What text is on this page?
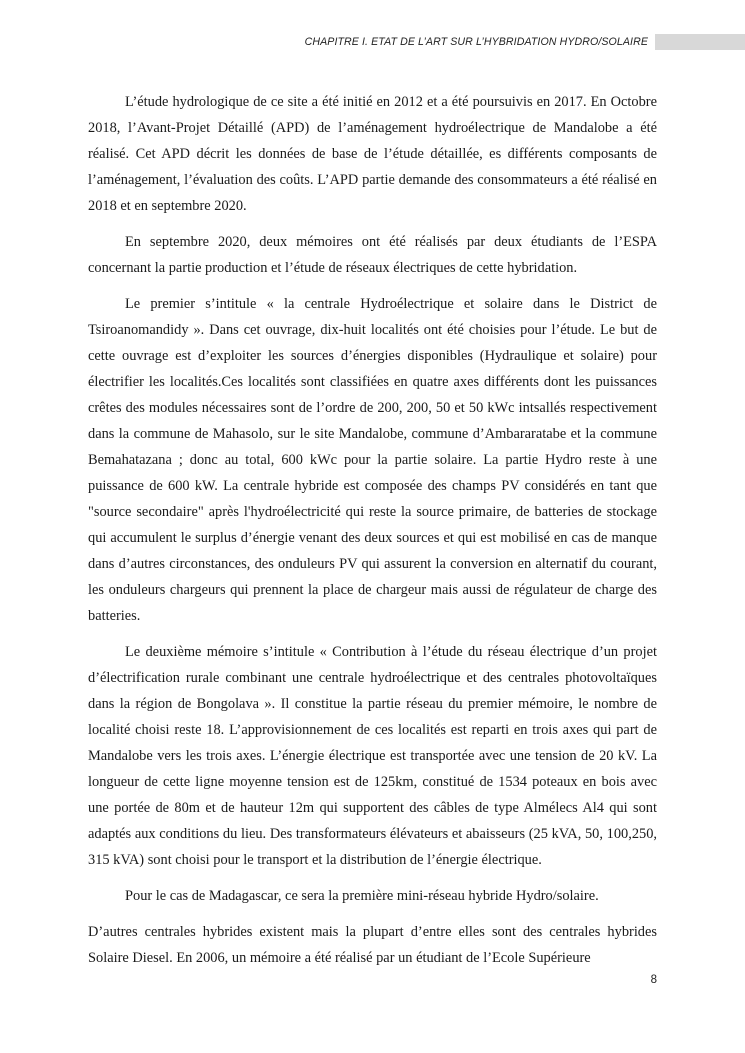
CHAPITRE I. ETAT DE L’ART SUR L’HYBRIDATION HYDRO/SOLAIRE

L’étude hydrologique de ce site a été initié en 2012 et a été poursuivis en 2017. En Octobre 2018, l’Avant-Projet Détaillé (APD) de l’aménagement hydroélectrique de Mandalobe a été réalisé. Cet APD décrit les données de base de l’étude détaillée, es différents composants de l’aménagement, l’évaluation des coûts. L’APD partie demande des consommateurs a été réalisé en 2018 et en septembre 2020.

En septembre 2020, deux mémoires ont été réalisés par deux étudiants de l’ESPA concernant la partie production et l’étude de réseaux électriques de cette hybridation.

Le premier s’intitule « la centrale Hydroélectrique et solaire dans le District de Tsiroanomandidy ». Dans cet ouvrage, dix-huit localités ont été choisies pour l’étude. Le but de cette ouvrage est d’exploiter les sources d’énergies disponibles (Hydraulique et solaire) pour électrifier les localités.Ces localités sont classifiées en quatre axes différents dont les puissances crêtes des modules nécessaires sont de l’ordre de 200, 200, 50 et 50 kWc intsallés respectivement dans la commune de Mahasolo, sur le site Mandalobe, commune d’Ambararatabe et la commune Bemahatazana ; donc au total, 600 kWc pour la partie solaire. La partie Hydro reste à une puissance de 600 kW. La centrale hybride est composée des champs PV considérés en tant que "source secondaire" après l'hydroélectricité qui reste la source primaire, de batteries de stockage qui accumulent le surplus d’énergie venant des deux sources et qui est mobilisé en cas de manque dans d’autres circonstances, des onduleurs PV qui assurent la conversion en alternatif du courant, les onduleurs chargeurs qui prennent la place de chargeur mais aussi de régulateur de charge des batteries.

Le deuxième mémoire s’intitule « Contribution à l’étude du réseau électrique d’un projet d’électrification rurale combinant une centrale hydroélectrique et des centrales photovoltaïques dans la région de Bongolava ». Il constitue la partie réseau du premier mémoire, le nombre de localité choisi reste 18. L’approvisionnement de ces localités est reparti en trois axes qui part de Mandalobe vers les trois axes. L’énergie électrique est transportée avec une tension de 20 kV. La longueur de cette ligne moyenne tension est de 125km, constitué de 1534 poteaux en bois avec une portée de 80m et de hauteur 12m qui supportent des câbles de type Almélecs Al4 qui sont adaptés aux conditions du lieu. Des transformateurs élévateurs et abaisseurs (25 kVA, 50, 100,250, 315 kVA) sont choisi pour le transport et la distribution de l’énergie électrique.

Pour le cas de Madagascar, ce sera la première mini-réseau hybride Hydro/solaire.

D’autres centrales hybrides existent mais la plupart d’entre elles sont des centrales hybrides Solaire Diesel. En 2006, un mémoire a été réalisé par un étudiant de l’Ecole Supérieure

8
